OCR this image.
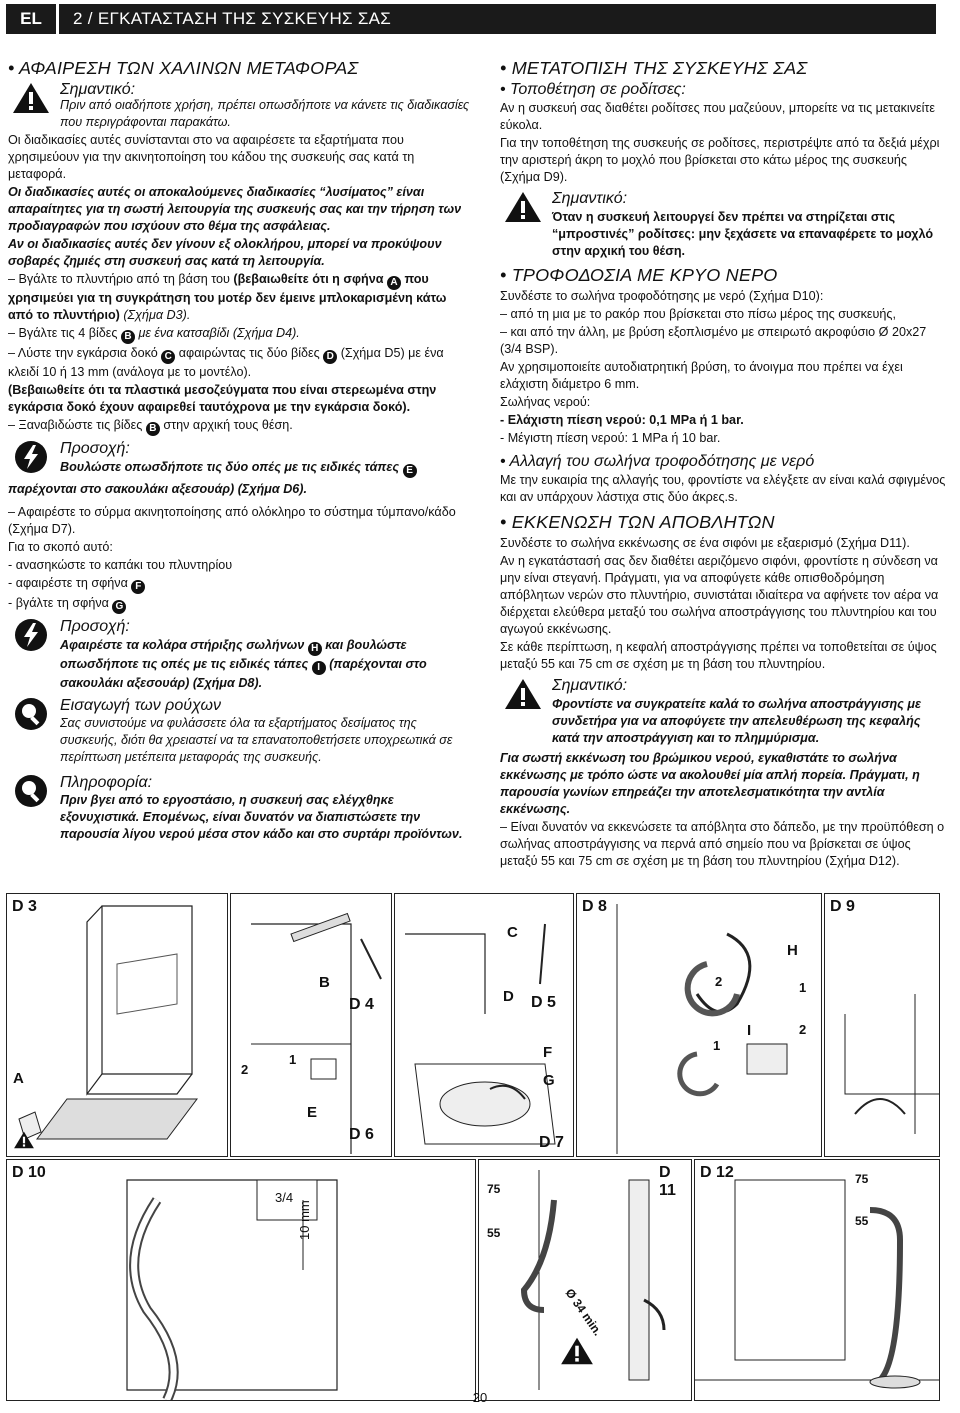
EL	2 / ΕΓΚΑΤΑΣΤΑΣΗ ΤΗΣ ΣΥΣΚΕΥΗΣ ΣΑΣ
• ΑΦΑΙΡΕΣΗ ΤΩΝ ΧΑΛΙΝΩΝ ΜΕΤΑΦΟΡΑΣ
Σημαντικό:

Πριν από οιαδήποτε χρήση, πρέπει οπωσδήποτε να κάνετε τις διαδικασίες που περιγράφονται παρακάτω.

Οι διαδικασίες αυτές συνίστανται στο να αφαιρέσετε τα εξαρτήματα που χρησιμεύουν για την ακινητοποίηση του κάδου της συσκευής σας κατά τη μεταφορά.

Οι διαδικασίες αυτές οι αποκαλούμενες διαδικασίες “λυσίματος” είναι απαραίτητες για τη σωστή λειτουργία της συσκευής σας και την τήρηση των προδιαγραφών που ισχύουν στο θέμα της ασφάλειας.

Αν οι διαδικασίες αυτές δεν γίνουν εξ ολοκλήρου, μπορεί να προκύψουν σοβαρές ζημιές στη συσκευή σας κατά τη λειτουργία.

– Βγάλτε το πλυντήριο από τη βάση του (βεβαιωθείτε ότι η σφήνα A που χρησιμεύει για τη συγκράτηση του μοτέρ δεν έμεινε μπλοκαρισμένη κάτω από το πλυντήριο) (Σχήμα D3).

– Βγάλτε τις 4 βίδες B με ένα κατσαβίδι (Σχήμα D4).

– Λύστε την εγκάρσια δοκό C αφαιρώντας τις δύο βίδες D (Σχήμα D5) με ένα κλειδί 10 ή 13 mm (ανάλογα με το μοντέλο).

(Βεβαιωθείτε ότι τα πλαστικά μεσοζεύγματα που είναι στερεωμένα στην εγκάρσια δοκό έχουν αφαιρεθεί ταυτόχρονα με την εγκάρσια δοκό).

– Ξαναβιδώστε τις βίδες B στην αρχική τους θέση.

Προσοχή:

Βουλώστε οπωσδήποτε τις δύο οπές με τις ειδικές τάπες E

παρέχονται στο σακουλάκι αξεσουάρ) (Σχήμα D6).

– Αφαιρέστε το σύρμα ακινητοποίησης από ολόκληρο το σύστημα τύμπανο/κάδο (Σχήμα D7).

Για το σκοπό αυτό:

- ανασηκώστε το καπάκι του πλυντηρίου

- αφαιρέστε τη σφήνα F

- βγάλτε τη σφήνα G

Προσοχή:

Αφαιρέστε τα κολάρα στήριξης σωλήνων H και βουλώστε οπωσδήποτε τις οπές με τις ειδικές τάπες I (παρέχονται στο σακουλάκι αξεσουάρ) (Σχήμα D8).

Εισαγωγή των ρούχων

Σας συνιστούμε να φυλάσσετε όλα τα εξαρτήματος δεσίματος της συσκευής, διότι θα χρειαστεί να τα επανατοποθετήσετε υποχρεωτικά σε περίπτωση μετέπειτα μεταφοράς της συσκευής.

Πληροφορία:

Πριν βγει από το εργοστάσιο, η συσκευή σας ελέγχθηκε εξονυχιστικά. Επομένως, είναι δυνατόν να διαπιστώσετε την παρουσία λίγου νερού μέσα στον κάδο και στο συρτάρι προϊόντων.

• ΜΕΤΑΤΟΠΙΣΗ ΤΗΣ ΣΥΣΚΕΥΗΣ ΣΑΣ
• Τοποθέτηση σε ροδίτσες:

Αν η συσκευή σας διαθέτει ροδίτσες που μαζεύουν, μπορείτε να τις μετακινείτε εύκολα.

Για την τοποθέτηση της συσκευής σε ροδίτσες, περιστρέψτε από τα δεξιά μέχρι την αριστερή άκρη το μοχλό που βρίσκεται στο κάτω μέρος της συσκευής (Σχήμα D9).

Σημαντικό:

Όταν η συσκευή λειτουργεί δεν πρέπει να στηρίζεται στις “μπροστινές” ροδίτσες: μην ξεχάσετε να επαναφέρετε το μοχλό στην αρχική του θέση.

• ΤΡΟΦΟΔΟΣΙΑ ΜΕ ΚΡΥΟ ΝΕΡΟ

Συνδέστε το σωλήνα τροφοδότησης με νερό (Σχήμα D10):

– από τη μια με το ρακόρ που βρίσκεται στο πίσω μέρος της συσκευής,

– και από την άλλη, με βρύση εξοπλισμένο με σπειρωτό ακροφύσιο Ø 20x27 (3/4 BSP).

Αν χρησιμοποιείτε αυτοδιατρητική βρύση, το άνοιγμα που πρέπει να έχει ελάχιστη διάμετρο 6 mm.

Σωλήνας νερού:

- Ελάχιστη πίεση νερού: 0,1 MPa ή 1 bar.

- Μέγιστη πίεση νερού: 1 MPa ή 10 bar.

• Αλλαγή του σωλήνα τροφοδότησης με νερό

Με την ευκαιρία της αλλαγής του, φροντίστε να ελέγξετε αν είναι καλά σφιγμένος και αν υπάρχουν λάστιχα στις δύο άκρες.s.

• ΕΚΚΕΝΩΣΗ ΤΩΝ ΑΠΟΒΛΗΤΩΝ

Συνδέστε το σωλήνα εκκένωσης σε ένα σιφόνι με εξαερισμό (Σχήμα D11).

Αν η εγκατάστασή σας δεν διαθέτει αεριζόμενο σιφόνι, φροντίστε η σύνδεση να μην είναι στεγανή. Πράγματι, για να αποφύγετε κάθε οπισθοδρόμηση απόβλητων νερών στο πλυντήριο, συνιστάται ιδιαίτερα να αφήνετε τον αέρα να διέρχεται ελεύθερα μεταξύ του σωλήνα αποστράγγισης του πλυντηρίου και του αγωγού εκκένωσης.

Σε κάθε περίπτωση, η κεφαλή αποστράγγισης πρέπει να τοποθετείται σε ύψος μεταξύ 55 και 75 cm σε σχέση με τη βάση του πλυντηρίου.

Σημαντικό:

Φροντίστε να συγκρατείτε καλά το σωλήνα αποστράγγισης με συνδετήρα για να αποφύγετε την απελευθέρωση της κεφαλής κατά την αποστράγγιση και το πλημμύρισμα.

Για σωστή εκκένωση του βρώμικου νερού, εγκαθιστάτε το σωλήνα εκκένωσης με τρόπο ώστε να ακολουθεί μία απλή πορεία. Πράγματι, η παρουσία γωνίων επηρεάζει την αποτελεσματικότητα την αντλία εκκένωσης.

– Είναι δυνατόν να εκκενώσετε τα απόβλητα στο δάπεδο, με την προϋπόθεση ο σωλήνας αποστράγγισης να περνά από σημείο που να βρίσκεται σε ύψος μεταξύ 55 και 75 cm σε σχέση με τη βάση του πλυντηρίου (Σχήμα D12).

D 3
A
B
D 4
2
1
E
D 6
C
D D 5
F
G
D 7
D 8
H
2	1
I	2
1
D 9
D 10
3/4
10 mm
D 11
75
55
Ø 34 min.
D 12	75
55
20
